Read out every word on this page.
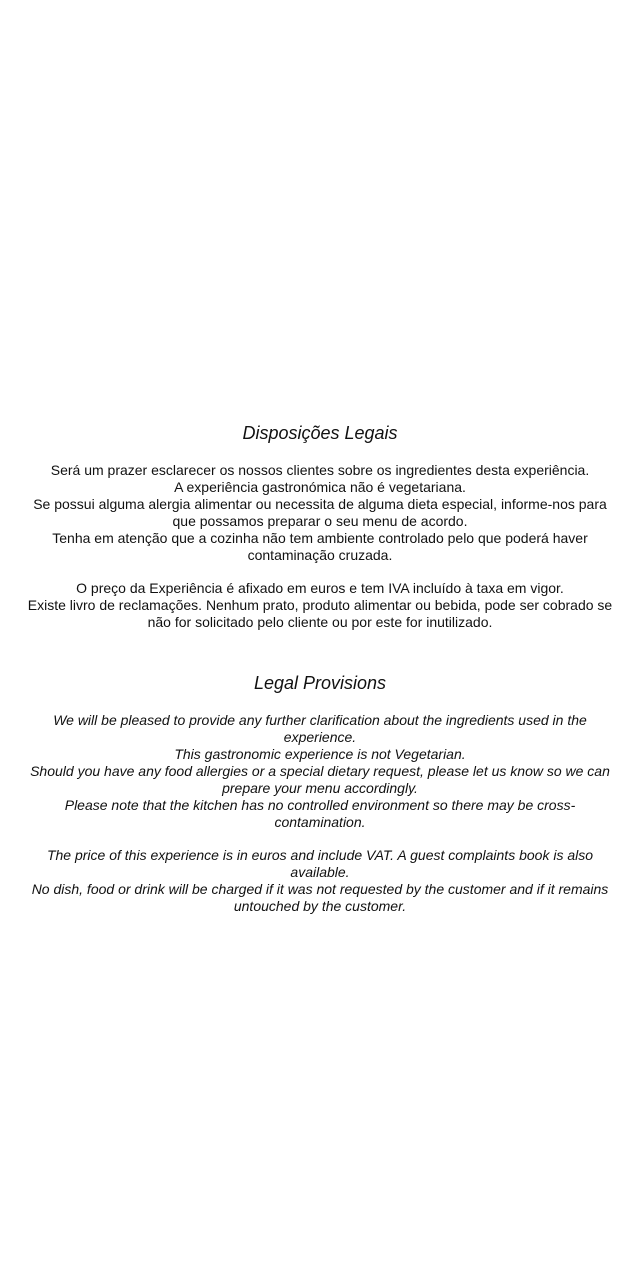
Disposições Legais

Será um prazer esclarecer os nossos clientes sobre os ingredientes desta experiência.

A experiência gastronómica não é vegetariana.

Se possui alguma alergia alimentar ou necessita de alguma dieta especial, informe-nos para que possamos preparar o seu menu de acordo.

Tenha em atenção que a cozinha não tem ambiente controlado pelo que poderá haver contaminação cruzada.

O preço da Experiência é afixado em euros e tem IVA incluído à taxa em vigor.

Existe livro de reclamações. Nenhum prato, produto alimentar ou bebida, pode ser cobrado se não for solicitado pelo cliente ou por este for inutilizado.

Legal Provisions

We will be pleased to provide any further clarification about the ingredients used in the experience.

This gastronomic experience is not Vegetarian.

Should you have any food allergies or a special dietary request, please let us know so we can prepare your menu accordingly.

Please note that the kitchen has no controlled environment so there may be cross-contamination.

The price of this experience is in euros and include VAT. A guest complaints book is also available.

No dish, food or drink will be charged if it was not requested by the customer and if it remains untouched by the customer.
